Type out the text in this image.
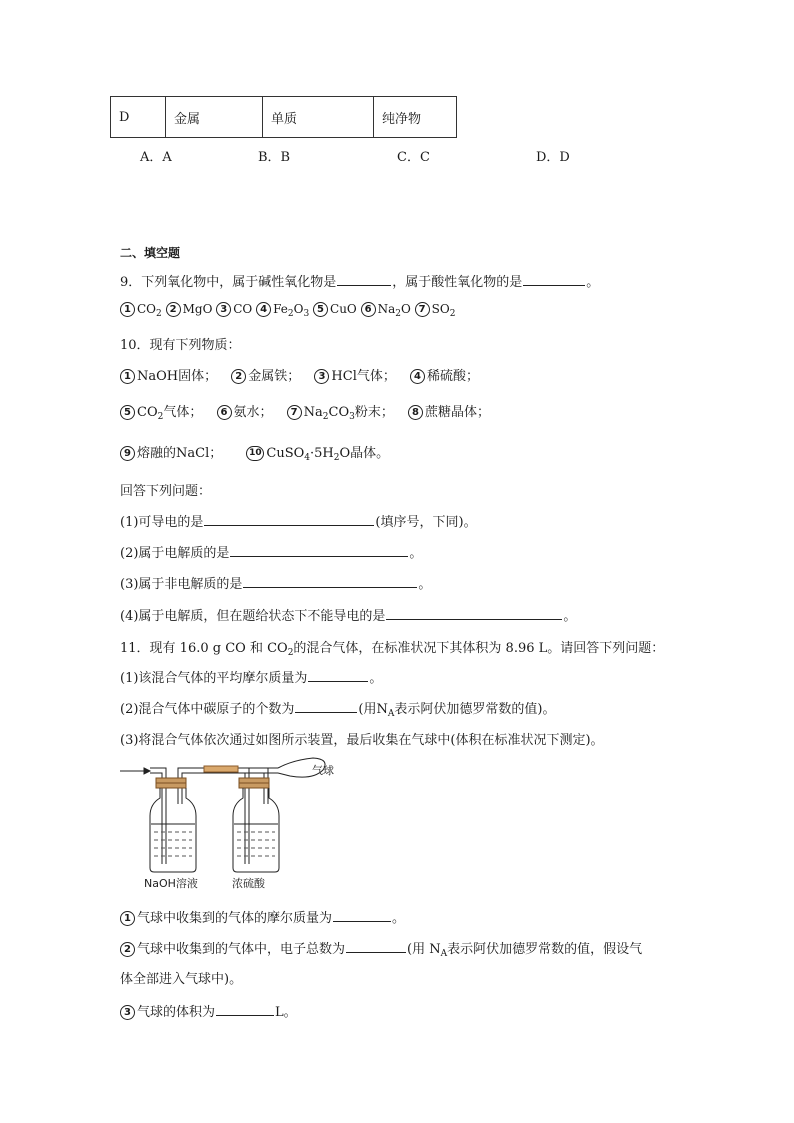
D	金属	单质	纯净物
A．A	B．B	C．C	D．D
二、填空题
9．下列氧化物中，属于碱性氧化物是	，属于酸性氧化物的是	。
1 $CO_2$ 2 MgO 3 CO 4 $Fe_2O_3$ 5 CuO 6 $Na_2O$ 7 $SO_2$
10．现有下列物质：
1 NaOH固体； 2 金属铁； 3 HCl气体； 4 稀硫酸；
5 $CO_2$气体； 6 氨水； 7 $Na_2CO_3$粉末； 8 蔗糖晶体；
9 熔融的NaCl；	10 $CuSO_4\cdot 5H_2O$晶体。
回答下列问题：
(1)可导电的是	(填序号，下同)。
(2)属于电解质的是	。
(3)属于非电解质的是	。
(4)属于电解质，但在题给状态下不能导电的是	。
11．现有 16.0 g CO 和 $CO_2$的混合气体，在标准状况下其体积为 8.96 L。请回答下列问题：
(1)该混合气体的平均摩尔质量为	。
(2)混合气体中碳原子的个数为	(用$N_A$表示阿伏加德罗常数的值)。
(3)将混合气体依次通过如图所示装置，最后收集在气球中(体积在标准状况下测定)。
气球
NaOH溶液	浓硫酸
1 气球中收集到的气体的摩尔质量为	。
2 气球中收集到的气体中，电子总数为	(用 $N_A$表示阿伏加德罗常数的值，假设气
体全部进入气球中)。
3 气球的体积为	L。
